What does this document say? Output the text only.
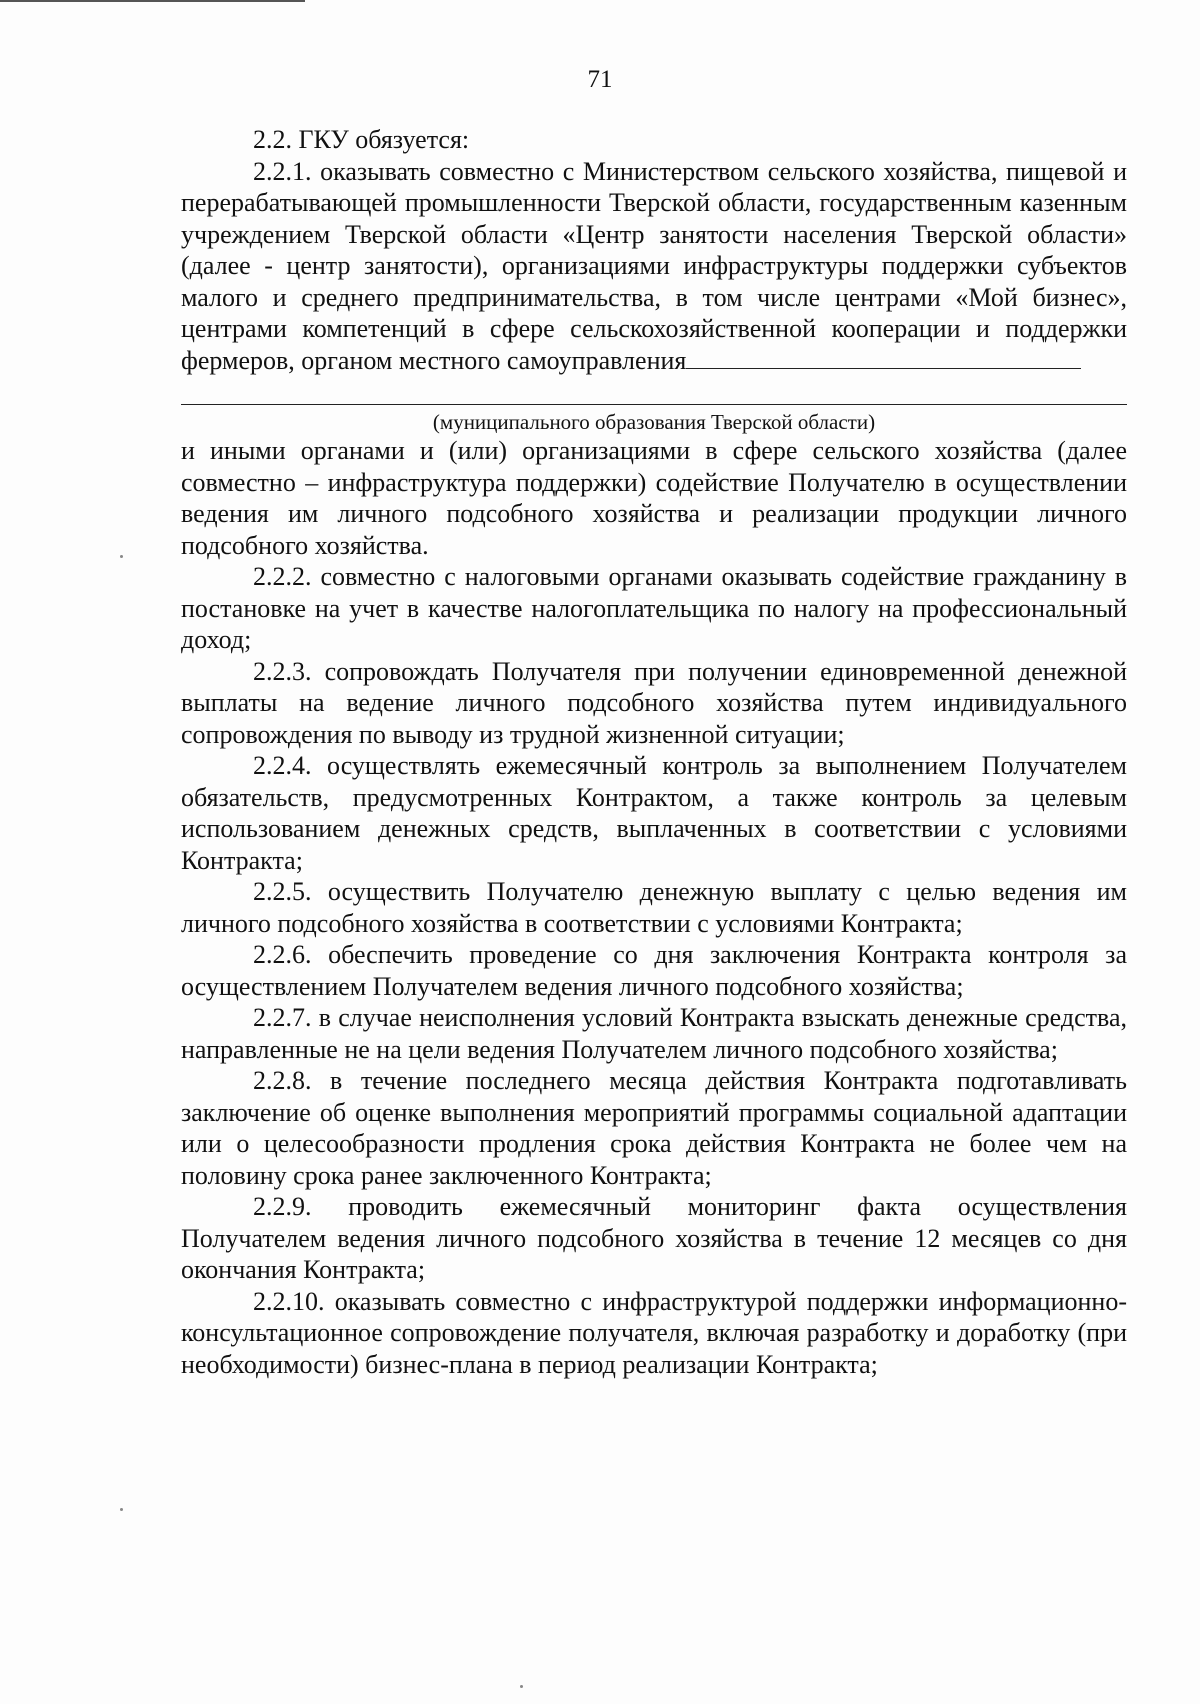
71

2.2. ГКУ обязуется:

2.2.1. оказывать совместно с Министерством сельского хозяйства, пищевой и перерабатывающей промышленности Тверской области, государственным казенным учреждением Тверской области «Центр занятости населения Тверской области» (далее - центр занятости), организациями инфраструктуры поддержки субъектов малого и среднего предпринимательства, в том числе центрами «Мой бизнес», центрами компетенций в сфере сельскохозяйственной кооперации и поддержки фермеров, органом местного самоуправления

(муниципального образования Тверской области)

и иными органами и (или) организациями в сфере сельского хозяйства (далее совместно – инфраструктура поддержки) содействие Получателю в осуществлении ведения им личного подсобного хозяйства и реализации продукции личного подсобного хозяйства.

2.2.2. совместно с налоговыми органами оказывать содействие гражданину в постановке на учет в качестве налогоплательщика по налогу на профессиональный доход;

2.2.3. сопровождать Получателя при получении единовременной денежной выплаты на ведение личного подсобного хозяйства путем индивидуального сопровождения по выводу из трудной жизненной ситуации;

2.2.4. осуществлять ежемесячный контроль за выполнением Получателем обязательств, предусмотренных Контрактом, а также контроль за целевым использованием денежных средств, выплаченных в соответствии с условиями Контракта;

2.2.5. осуществить Получателю денежную выплату с целью ведения им личного подсобного хозяйства в соответствии с условиями Контракта;

2.2.6. обеспечить проведение со дня заключения Контракта контроля за осуществлением Получателем ведения личного подсобного хозяйства;

2.2.7. в случае неисполнения условий Контракта взыскать денежные средства, направленные не на цели ведения Получателем личного подсобного хозяйства;

2.2.8. в течение последнего месяца действия Контракта подготавливать заключение об оценке выполнения мероприятий программы социальной адаптации или о целесообразности продления срока действия Контракта не более чем на половину срока ранее заключенного Контракта;

2.2.9. проводить ежемесячный мониторинг факта осуществления Получателем ведения личного подсобного хозяйства в течение 12 месяцев со дня окончания Контракта;

2.2.10. оказывать совместно с инфраструктурой поддержки информационно-консультационное сопровождение получателя, включая разработку и доработку (при необходимости) бизнес-плана в период реализации Контракта;
